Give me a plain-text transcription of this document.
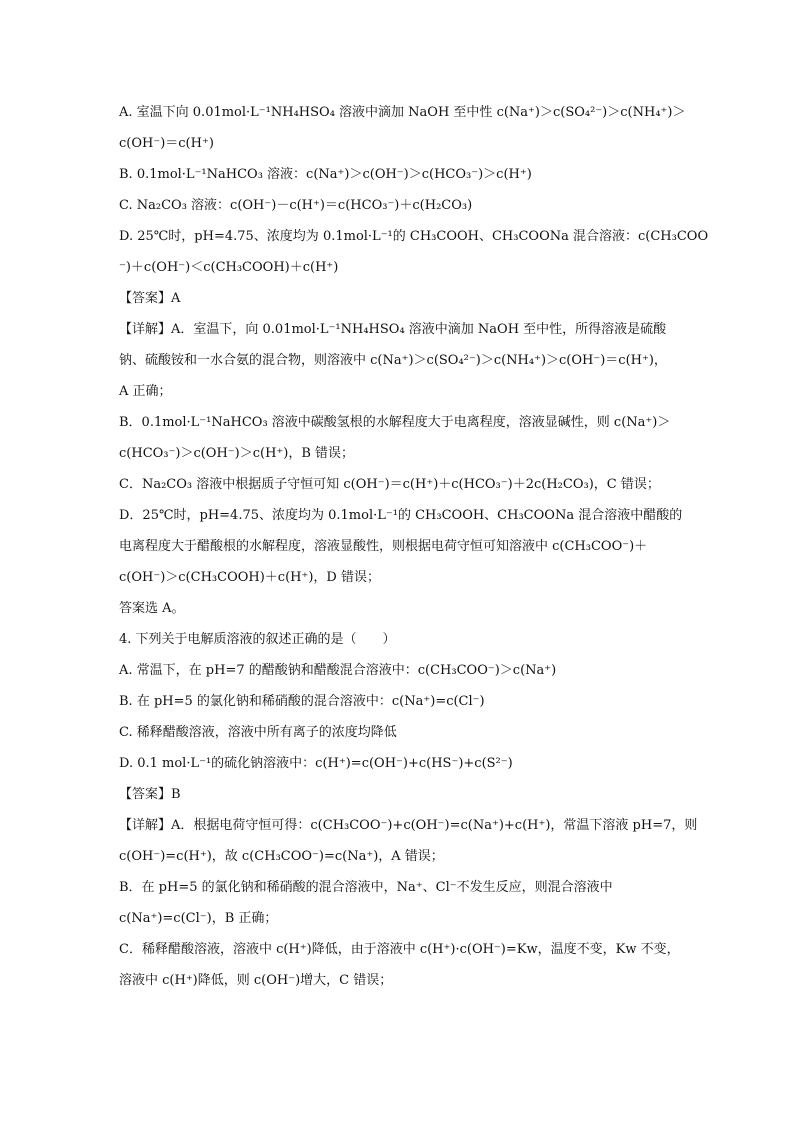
A. 室温下向 0.01mol·L⁻¹NH₄HSO₄ 溶液中滴加 NaOH 至中性 c(Na⁺)＞c(SO₄²⁻)＞c(NH₄⁺)＞
c(OH⁻)＝c(H⁺)
B. 0.1mol·L⁻¹NaHCO₃ 溶液：c(Na⁺)＞c(OH⁻)＞c(HCO₃⁻)＞c(H⁺)
C. Na₂CO₃ 溶液：c(OH⁻)－c(H⁺)＝c(HCO₃⁻)＋c(H₂CO₃)
D. 25℃时，pH=4.75、浓度均为 0.1mol·L⁻¹的 CH₃COOH、CH₃COONa 混合溶液：c(CH₃COO
⁻)＋c(OH⁻)＜c(CH₃COOH)＋c(H⁺)
【答案】A
【详解】A．室温下，向 0.01mol·L⁻¹NH₄HSO₄ 溶液中滴加 NaOH 至中性，所得溶液是硫酸
钠、硫酸铵和一水合氨的混合物，则溶液中 c(Na⁺)＞c(SO₄²⁻)＞c(NH₄⁺)＞c(OH⁻)＝c(H⁺)，
A 正确；
B．0.1mol·L⁻¹NaHCO₃ 溶液中碳酸氢根的水解程度大于电离程度，溶液显碱性，则 c(Na⁺)＞
c(HCO₃⁻)＞c(OH⁻)＞c(H⁺)，B 错误；
C．Na₂CO₃ 溶液中根据质子守恒可知 c(OH⁻)＝c(H⁺)＋c(HCO₃⁻)＋2c(H₂CO₃)，C 错误；
D．25℃时，pH=4.75、浓度均为 0.1mol·L⁻¹的 CH₃COOH、CH₃COONa 混合溶液中醋酸的
电离程度大于醋酸根的水解程度，溶液显酸性，则根据电荷守恒可知溶液中 c(CH₃COO⁻)＋
c(OH⁻)＞c(CH₃COOH)＋c(H⁺)，D 错误；
答案选 A。
4. 下列关于电解质溶液的叙述正确的是（　　）
A. 常温下，在 pH=7 的醋酸钠和醋酸混合溶液中：c(CH₃COO⁻)＞c(Na⁺)
B. 在 pH=5 的氯化钠和稀硝酸的混合溶液中：c(Na⁺)=c(Cl⁻)
C. 稀释醋酸溶液，溶液中所有离子的浓度均降低
D. 0.1 mol·L⁻¹的硫化钠溶液中：c(H⁺)=c(OH⁻)+c(HS⁻)+c(S²⁻)
【答案】B
【详解】A．根据电荷守恒可得：c(CH₃COO⁻)+c(OH⁻)=c(Na⁺)+c(H⁺)，常温下溶液 pH=7，则
c(OH⁻)=c(H⁺)，故 c(CH₃COO⁻)=c(Na⁺)，A 错误；
B．在 pH=5 的氯化钠和稀硝酸的混合溶液中，Na⁺、Cl⁻不发生反应，则混合溶液中
c(Na⁺)=c(Cl⁻)，B 正确；
C．稀释醋酸溶液，溶液中 c(H⁺)降低，由于溶液中 c(H⁺)·c(OH⁻)=Kw，温度不变，Kw 不变，
溶液中 c(H⁺)降低，则 c(OH⁻)增大，C 错误；
